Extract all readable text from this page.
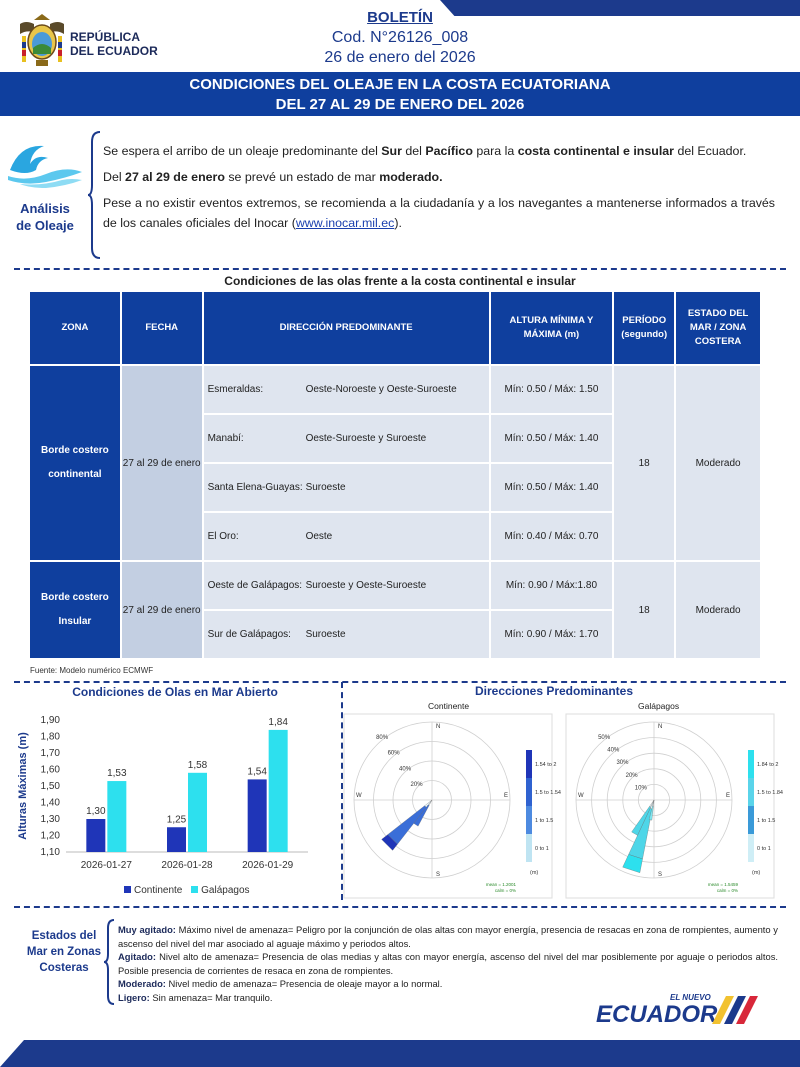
REPÚBLICA
DEL ECUADOR
BOLETÍN
Cod. N°26126_008
26 de enero del 2026
CONDICIONES DEL OLEAJE EN LA COSTA ECUATORIANA
DEL 27 AL 29 DE ENERO DEL 2026
Análisis
de Oleaje

Se espera el arribo de un oleaje predominante del Sur del Pacífico para la costa continental e insular del Ecuador.

Del 27 al 29 de enero se prevé un estado de mar moderado.

Pese a no existir eventos extremos, se recomienda a la ciudadanía y a los navegantes a mantenerse informados a través de los canales oficiales del Inocar (www.inocar.mil.ec).

Condiciones de las olas frente a la costa continental e insular
ZONA	FECHA	DIRECCIÓN PREDOMINANTE	ALTURA MÍNIMA Y MÁXIMA (m)	PERÍODO (segundo)	ESTADO DEL MAR / ZONA COSTERA

Borde costero
continental	27 al 29 de enero	Esmeraldas: Oeste-Noroeste y Oeste-Suroeste	Mín: 0.50 / Máx: 1.50	18	Moderado
		Manabí: Oeste-Suroeste y Suroeste	Mín: 0.50 / Máx: 1.40		
		Santa Elena-Guayas: Suroeste	Mín: 0.50 / Máx: 1.40		
		El Oro: Oeste	Mín: 0.40 / Máx: 0.70		

Borde costero
Insular	27 al 29 de enero	Oeste de Galápagos: Suroeste y Oeste-Suroeste	Mín: 0.90 / Máx:1.80	18	Moderado
		Sur de Galápagos: Suroeste	Mín: 0.90 / Máx: 1.70		
Fuente: Modelo numérico ECMWF
Condiciones de Olas en Mar Abierto
Alturas Máximas (m)
1,10
1,20
1,30
1,40
1,50
1,60
1,70
1,80
1,90
1,30
1,53
2026-01-27
1,25
1,58
2026-01-28
1,54
1,84
2026-01-29
Continente Galápagos
Direcciones Predominantes
Continente	Galápagos
20%
40%
60%
80%
N
S
E
W
1.54 to 2
1.5 to 1.54
1 to 1.5
0 to 1
(m)
mean = 1.2001
calm = 0%
10%
20%
30%
40%
50%
N
S
E
W
1.84 to 2
1.5 to 1.84
1 to 1.5
0 to 1
(m)
mean = 1.5459
calm = 0%
Estados del
Mar en Zonas
Costeras
Muy agitado: Máximo nivel de amenaza= Peligro por la conjunción de olas altas con mayor energía, presencia de resacas en zona de rompientes, aumento y ascenso del nivel del mar asociado al aguaje máximo y periodos altos.
Agitado: Nivel alto de amenaza= Presencia de olas medias y altas con mayor energía, ascenso del nivel del mar posiblemente por aguaje o periodos altos. Posible presencia de corrientes de resaca en zona de rompientes.
Moderado: Nivel medio de amenaza= Presencia de oleaje mayor a lo normal.
Ligero: Sin amenaza= Mar tranquilo.	EL NUEVO
ECUADOR
